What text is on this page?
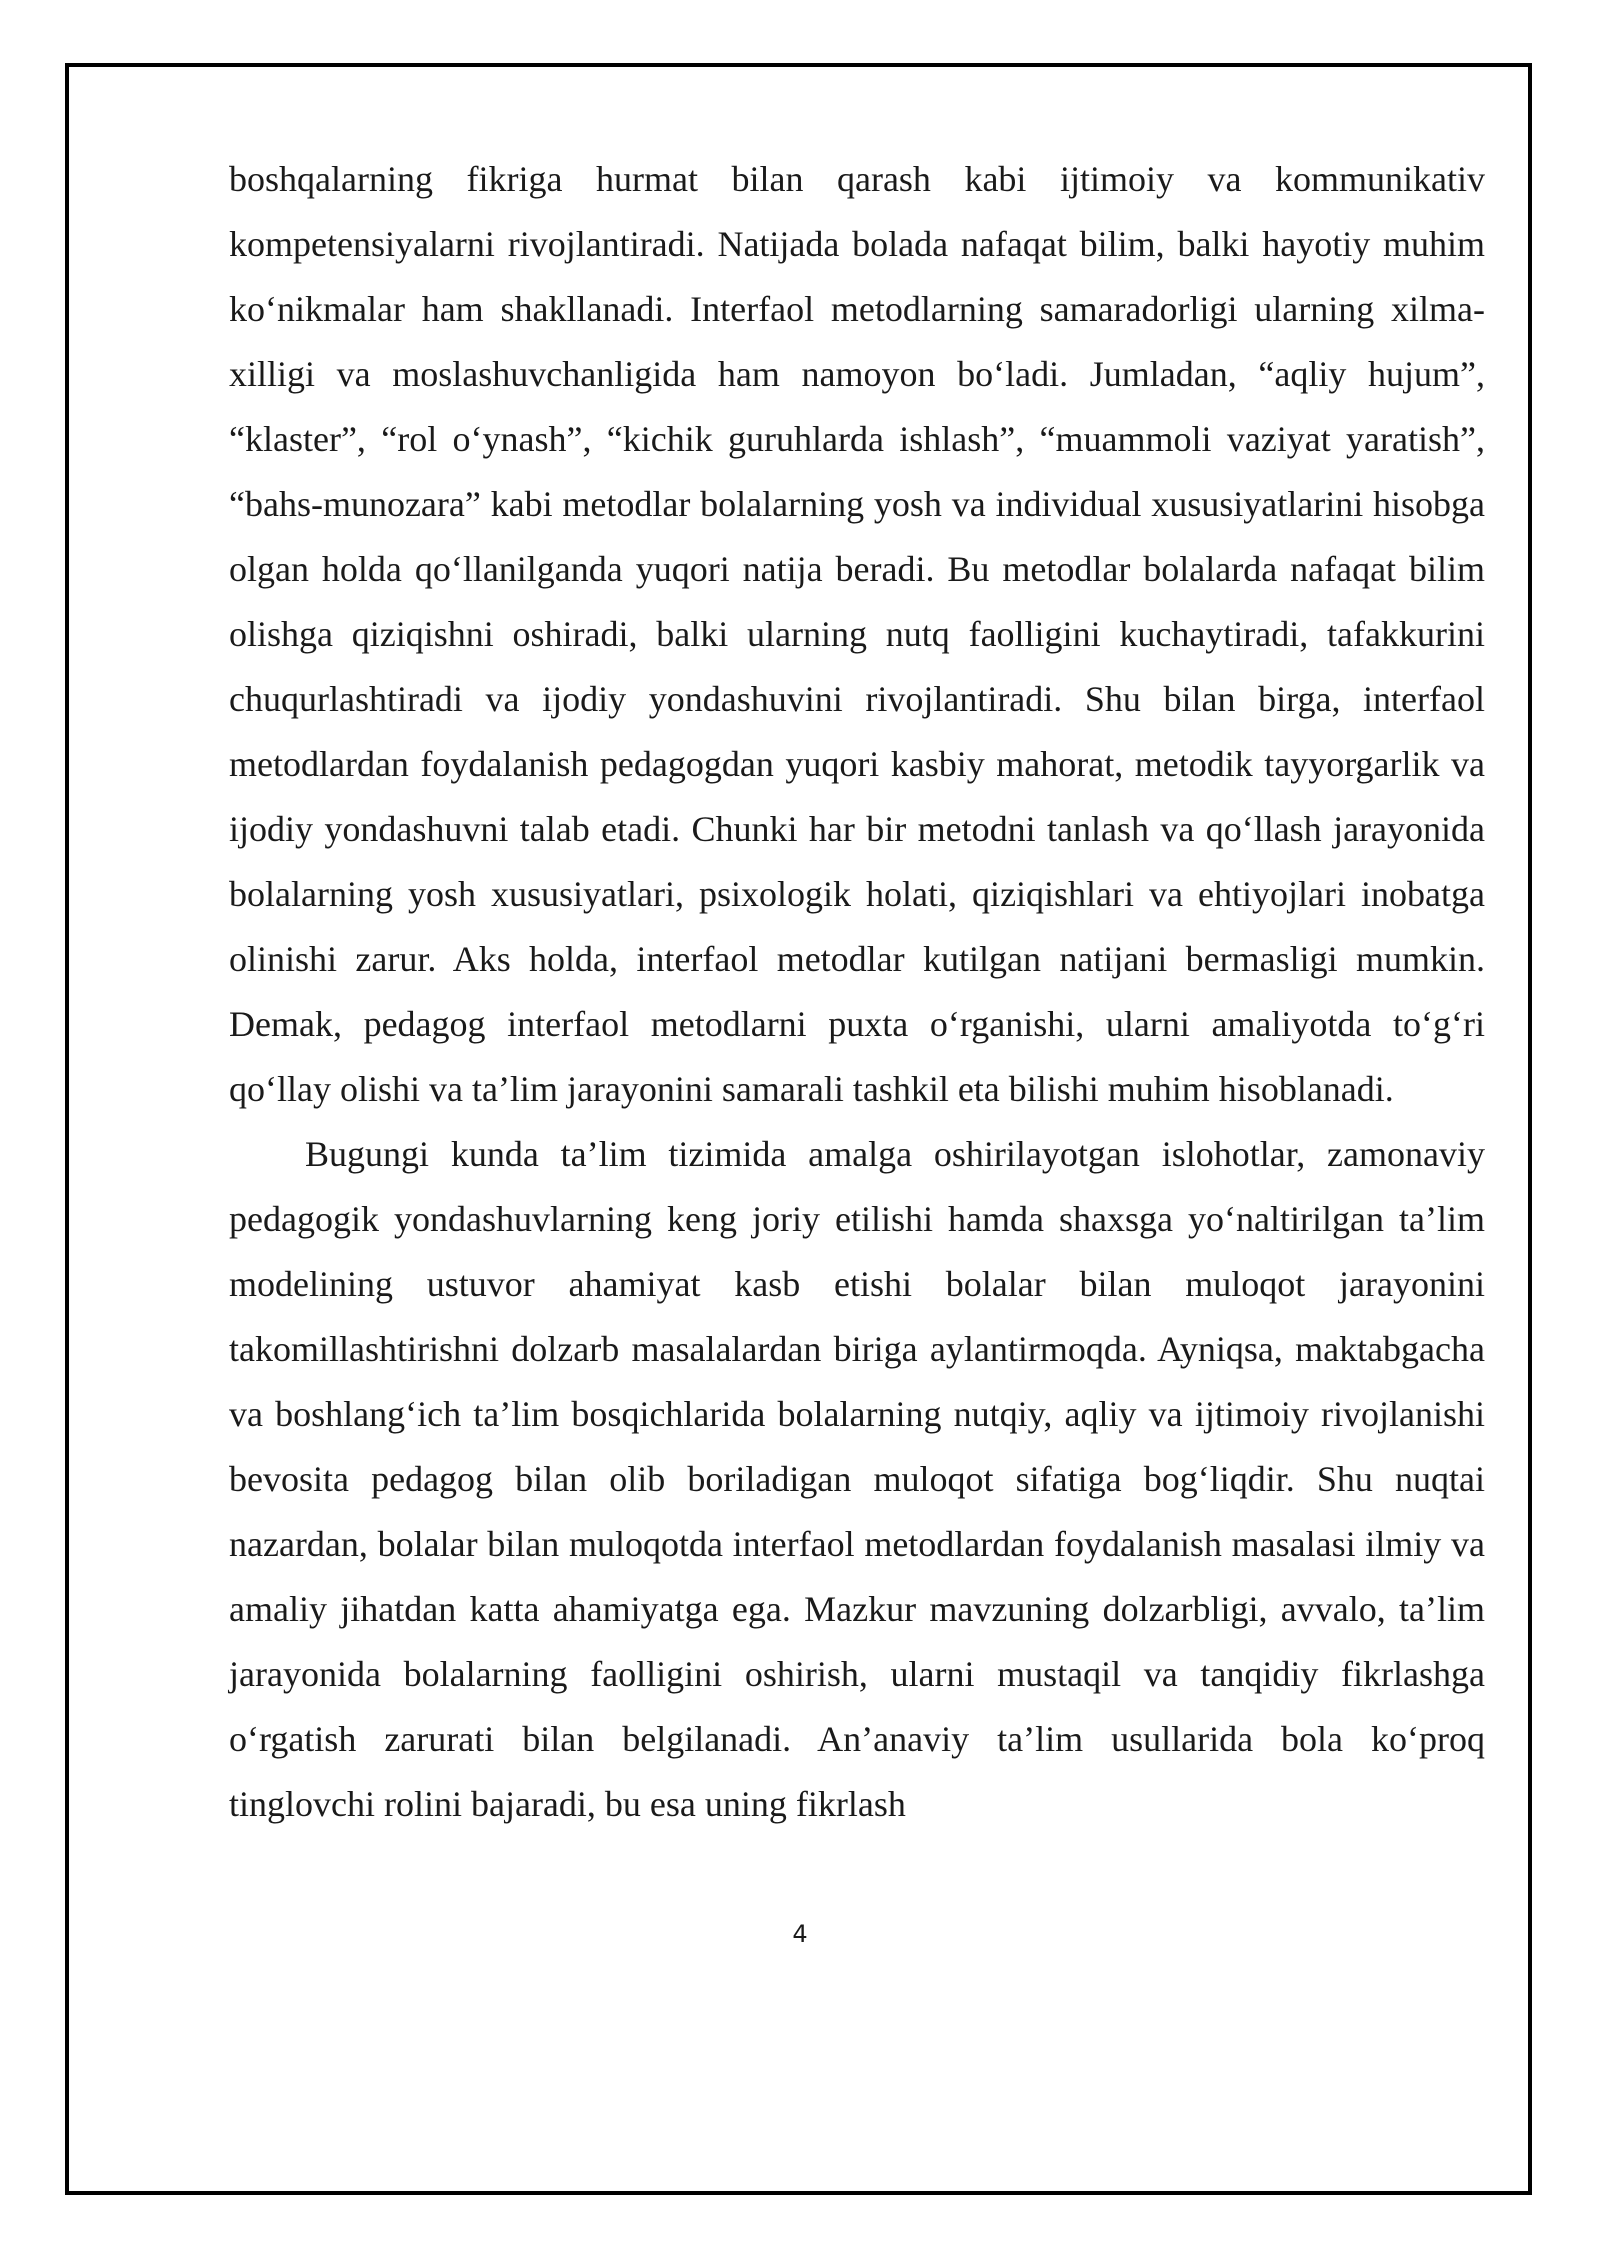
boshqalarning fikriga hurmat bilan qarash kabi ijtimoiy va kommunikativ kompetensiyalarni rivojlantiradi. Natijada bolada nafaqat bilim, balki hayotiy muhim ko‘nikmalar ham shakllanadi. Interfaol metodlarning samaradorligi ularning xilma-xilligi va moslashuvchanligida ham namoyon bo‘ladi. Jumladan, “aqliy hujum”, “klaster”, “rol o‘ynash”, “kichik guruhlarda ishlash”, “muammoli vaziyat yaratish”, “bahs-munozara” kabi metodlar bolalarning yosh va individual xususiyatlarini hisobga olgan holda qo‘llanilganda yuqori natija beradi. Bu metodlar bolalarda nafaqat bilim olishga qiziqishni oshiradi, balki ularning nutq faolligini kuchaytiradi, tafakkurini chuqurlashtiradi va ijodiy yondashuvini rivojlantiradi. Shu bilan birga, interfaol metodlardan foydalanish pedagogdan yuqori kasbiy mahorat, metodik tayyorgarlik va ijodiy yondashuvni talab etadi. Chunki har bir metodni tanlash va qo‘llash jarayonida bolalarning yosh xususiyatlari, psixologik holati, qiziqishlari va ehtiyojlari inobatga olinishi zarur. Aks holda, interfaol metodlar kutilgan natijani bermasligi mumkin. Demak, pedagog interfaol metodlarni puxta o‘rganishi, ularni amaliyotda to‘g‘ri qo‘llay olishi va ta’lim jarayonini samarali tashkil eta bilishi muhim hisoblanadi.

Bugungi kunda ta’lim tizimida amalga oshirilayotgan islohotlar, zamonaviy pedagogik yondashuvlarning keng joriy etilishi hamda shaxsga yo‘naltirilgan ta’lim modelining ustuvor ahamiyat kasb etishi bolalar bilan muloqot jarayonini takomillashtirishni dolzarb masalalardan biriga aylantirmoqda. Ayniqsa, maktabgacha va boshlang‘ich ta’lim bosqichlarida bolalarning nutqiy, aqliy va ijtimoiy rivojlanishi bevosita pedagog bilan olib boriladigan muloqot sifatiga bog‘liqdir. Shu nuqtai nazardan, bolalar bilan muloqotda interfaol metodlardan foydalanish masalasi ilmiy va amaliy jihatdan katta ahamiyatga ega. Mazkur mavzuning dolzarbligi, avvalo, ta’lim jarayonida bolalarning faolligini oshirish, ularni mustaqil va tanqidiy fikrlashga o‘rgatish zarurati bilan belgilanadi. An’anaviy ta’lim usullarida bola ko‘proq tinglovchi rolini bajaradi, bu esa uning fikrlash

4
